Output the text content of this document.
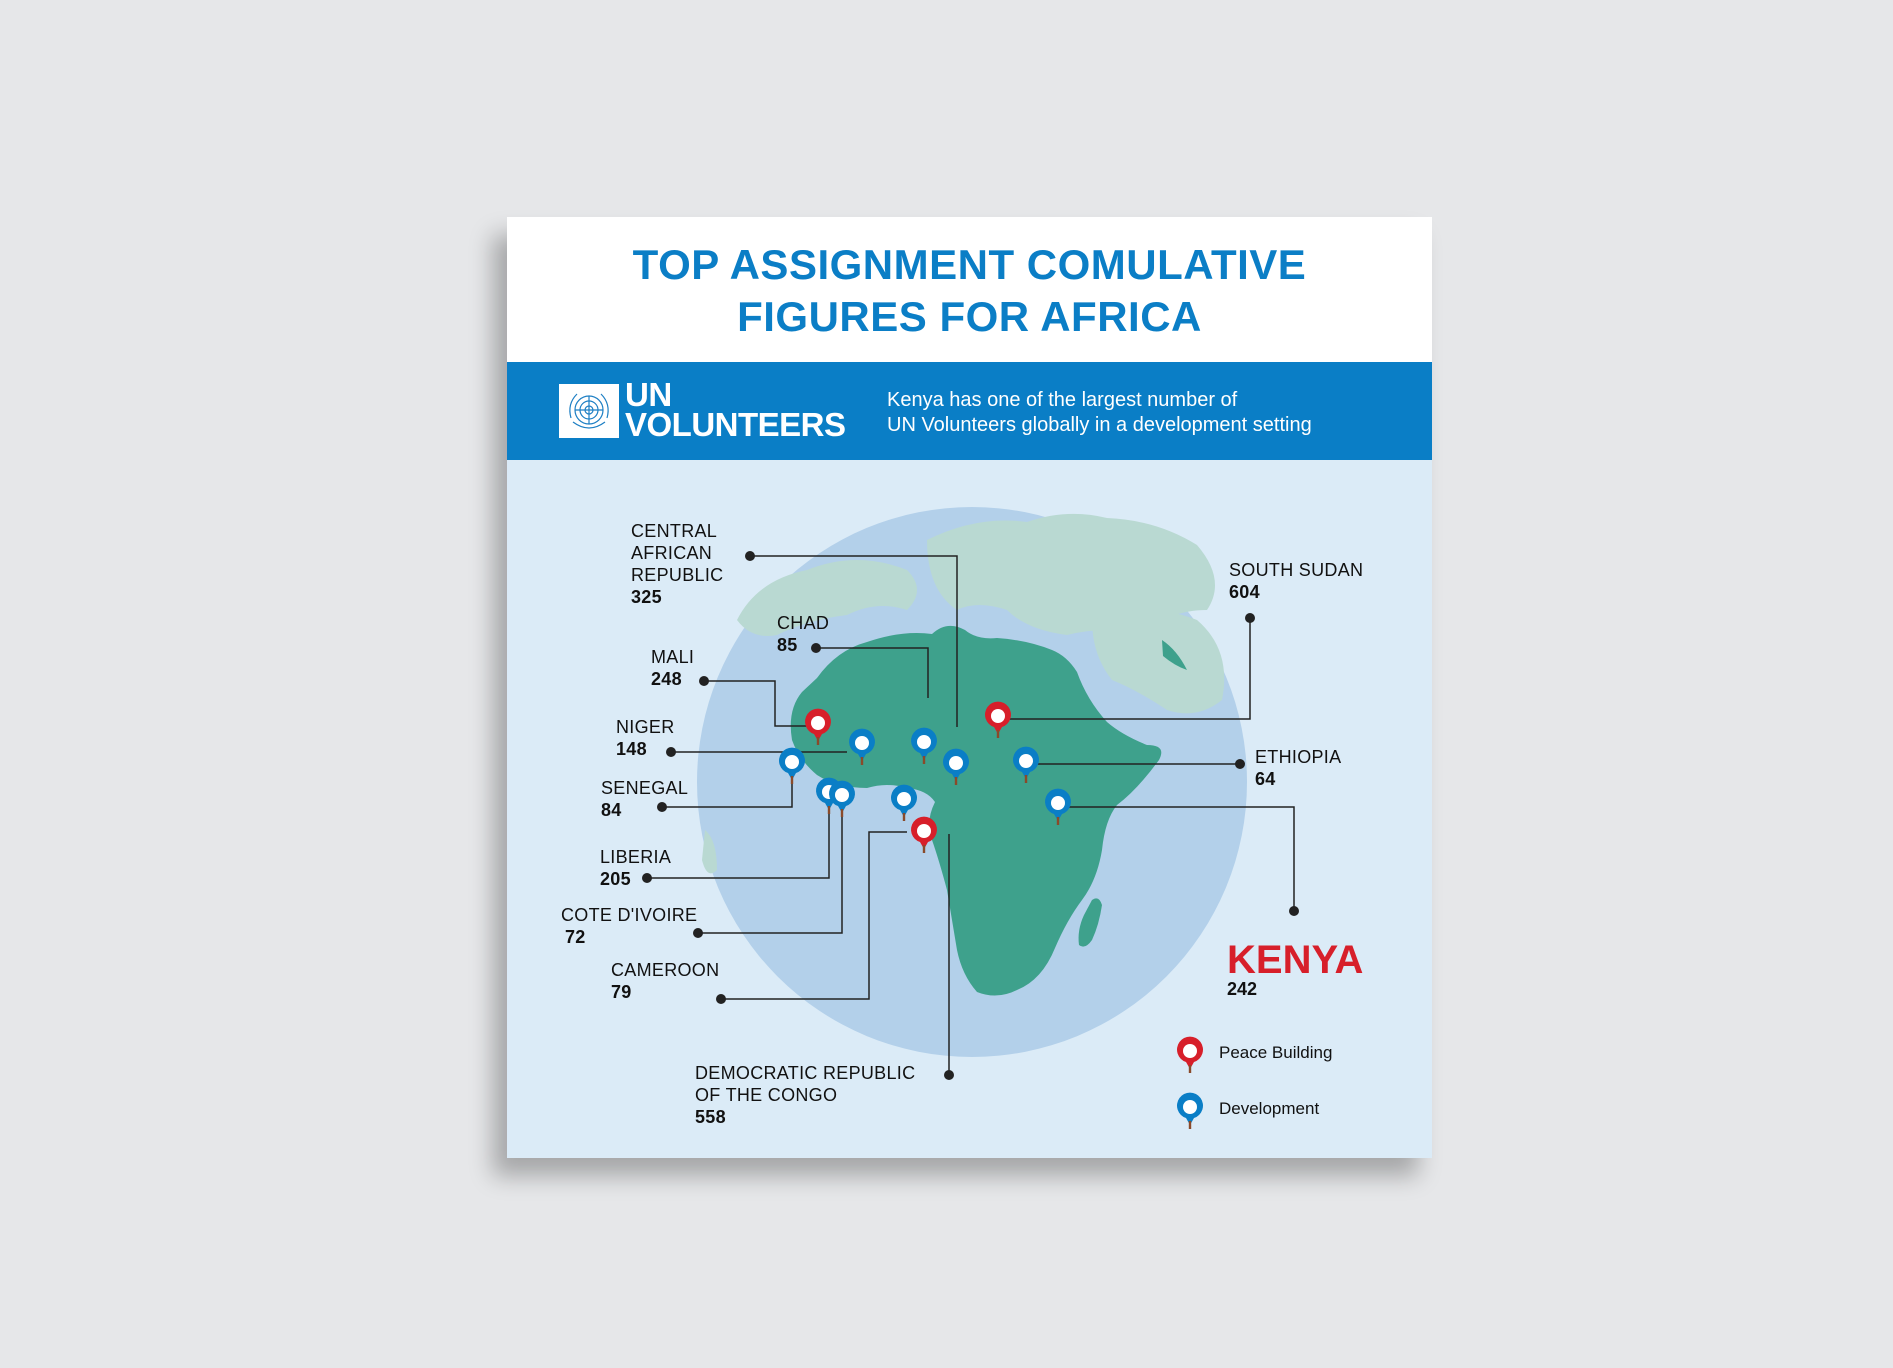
TOP ASSIGNMENT COMULATIVE
FIGURES FOR AFRICA
UN
VOLUNTEERS
Kenya has one of the largest number of
UN Volunteers globally in a development setting
CENTRAL
AFRICAN
REPUBLIC
325
CHAD
85
MALI
248
NIGER
148
SENEGAL
84
LIBERIA
205
COTE D'IVOIRE
72
CAMEROON
79
DEMOCRATIC REPUBLIC
OF THE CONGO
558
SOUTH SUDAN
604
ETHIOPIA
64
KENYA
242
Peace Building
Development
